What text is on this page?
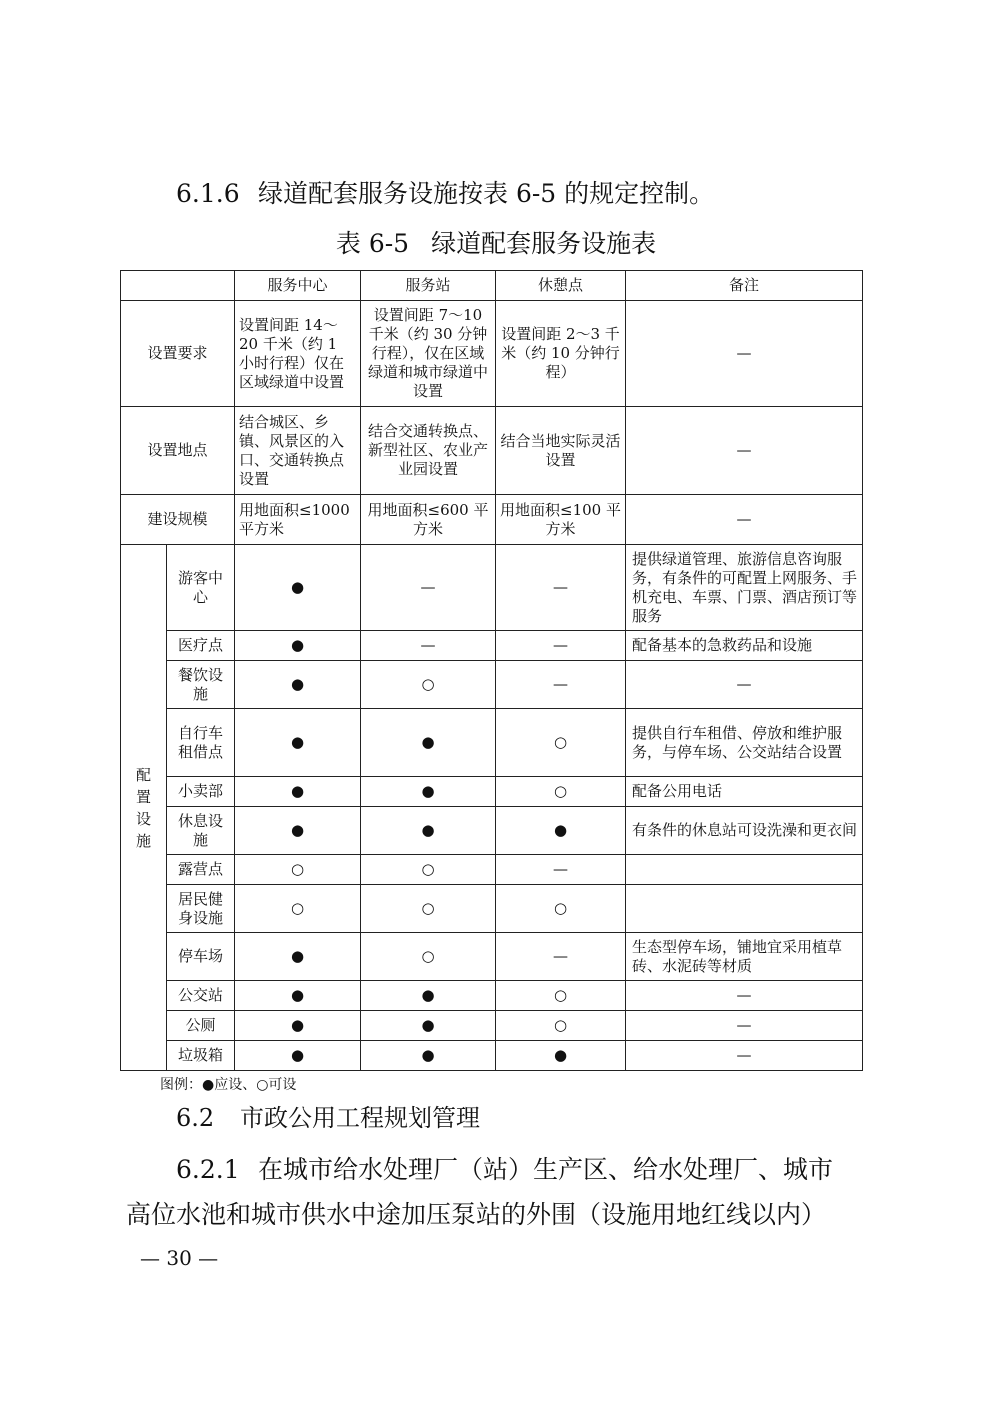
6.1.6 绿道配套服务设施按表 6-5 的规定控制。
表 6-5 绿道配套服务设施表
		服务中心	服务站	休憩点	备注
设置要求		设置间距 14～20 千米（约 1 小时行程）仅在区域绿道中设置	设置间距 7～10 千米（约 30 分钟行程），仅在区域绿道和城市绿道中设置	设置间距 2～3 千米（约 10 分钟行程）	—
设置地点		结合城区、乡镇、风景区的入口、交通转换点设置	结合交通转换点、新型社区、农业产业园设置	结合当地实际灵活设置	—
建设规模		用地面积≤1000 平方米	用地面积≤600 平方米	用地面积≤100 平方米	—

配置设施	游客中心	●	—	—	提供绿道管理、旅游信息咨询服务，有条件的可配置上网服务、手机充电、车票、门票、酒店预订等服务
	医疗点	●	—	—	配备基本的急救药品和设施
	餐饮设施	●	○	—	—
	自行车租借点	●	●	○	提供自行车租借、停放和维护服务，与停车场、公交站结合设置
	小卖部	●	●	○	配备公用电话
	休息设施	●	●	●	有条件的休息站可设洗澡和更衣间
	露营点	○	○	—	
	居民健身设施	○	○	○	
	停车场	●	○	—	生态型停车场，铺地宜采用植草砖、水泥砖等材质
	公交站	●	●	○	—
	公厕	●	●	○	—
	垃圾箱	●	●	●	—
图例：●应设、○可设
6.2 市政公用工程规划管理
6.2.1 在城市给水处理厂（站）生产区、给水处理厂、城市
高位水池和城市供水中途加压泵站的外围（设施用地红线以内）
— 30 —
